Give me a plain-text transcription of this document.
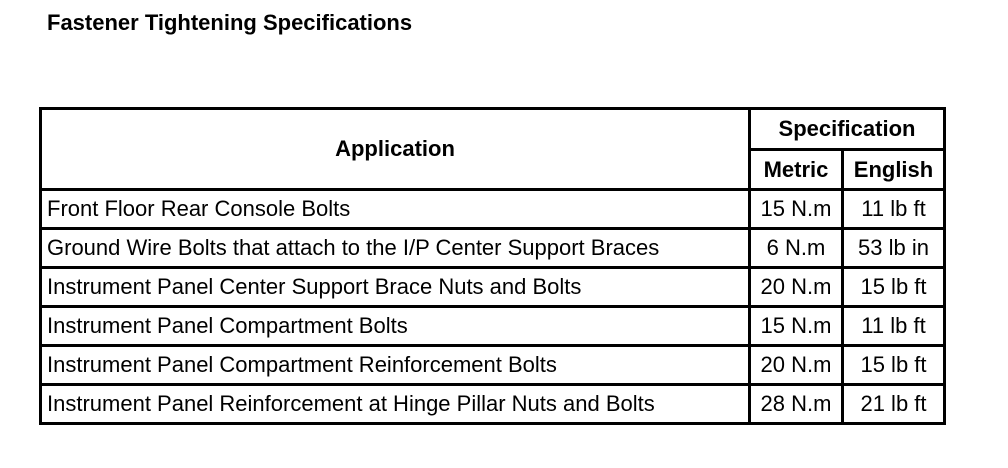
Fastener Tightening Specifications
Application	Specification	
	Metric	English
Front Floor Rear Console Bolts	15 N.m	11 lb ft
Ground Wire Bolts that attach to the I/P Center Support Braces	6 N.m	53 lb in
Instrument Panel Center Support Brace Nuts and Bolts	20 N.m	15 lb ft
Instrument Panel Compartment Bolts	15 N.m	11 lb ft
Instrument Panel Compartment Reinforcement Bolts	20 N.m	15 lb ft
Instrument Panel Reinforcement at Hinge Pillar Nuts and Bolts	28 N.m	21 lb ft
